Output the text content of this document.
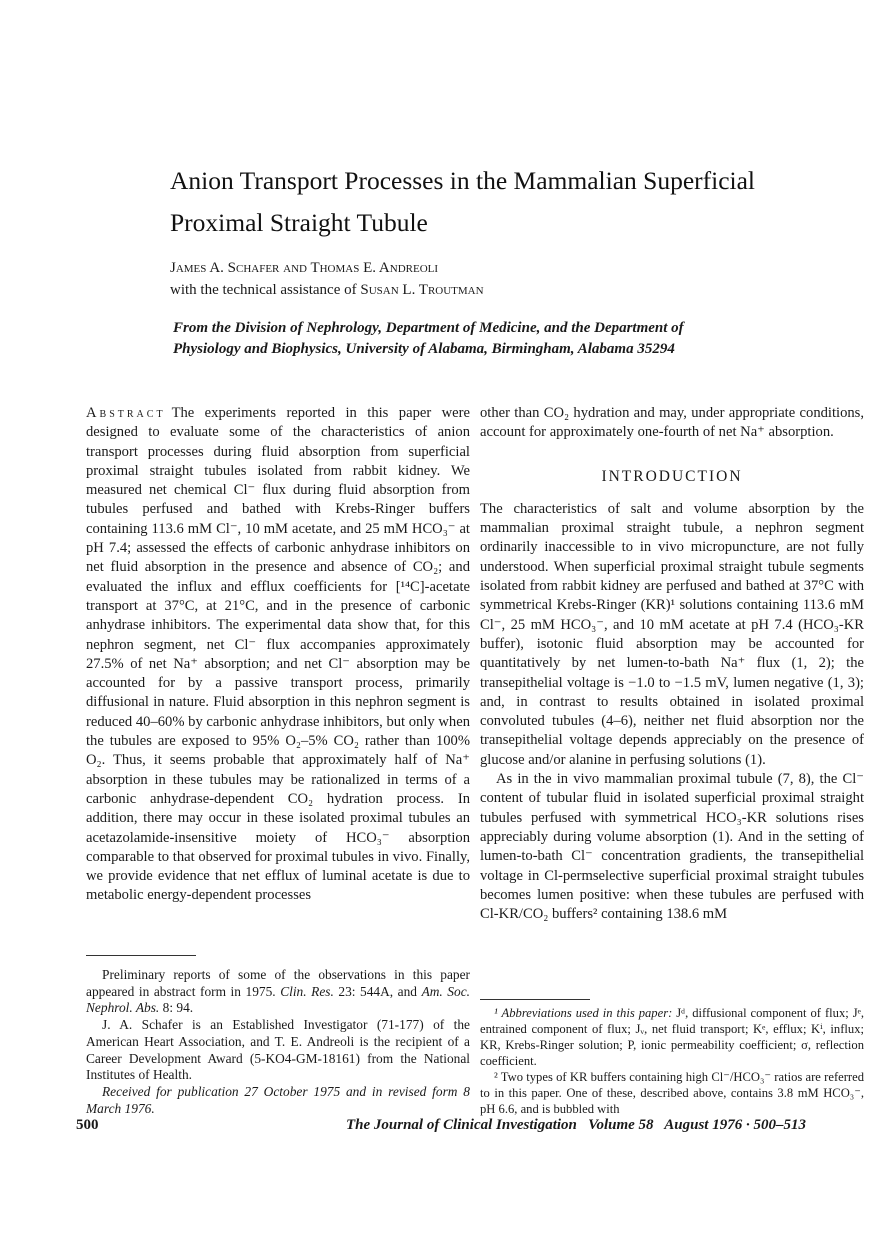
Anion Transport Processes in the Mammalian Superficial
Proximal Straight Tubule
James A. Schafer and Thomas E. Andreoli
with the technical assistance of Susan L. Troutman
From the Division of Nephrology, Department of Medicine, and the Department of
Physiology and Biophysics, University of Alabama, Birmingham, Alabama 35294

Abstract The experiments reported in this paper were designed to evaluate some of the characteristics of anion transport processes during fluid absorption from superficial proximal straight tubules isolated from rabbit kidney. We measured net chemical Cl⁻ flux during fluid absorption from tubules perfused and bathed with Krebs-Ringer buffers containing 113.6 mM Cl⁻, 10 mM acetate, and 25 mM HCO₃⁻ at pH 7.4; assessed the effects of carbonic anhydrase inhibitors on net fluid absorption in the presence and absence of CO₂; and evaluated the influx and efflux coefficients for [¹⁴C]-acetate transport at 37°C, at 21°C, and in the presence of carbonic anhydrase inhibitors. The experimental data show that, for this nephron segment, net Cl⁻ flux accompanies approximately 27.5% of net Na⁺ absorption; and net Cl⁻ absorption may be accounted for by a passive transport process, primarily diffusional in nature. Fluid absorption in this nephron segment is reduced 40–60% by carbonic anhydrase inhibitors, but only when the tubules are exposed to 95% O₂–5% CO₂ rather than 100% O₂. Thus, it seems probable that approximately half of Na⁺ absorption in these tubules may be rationalized in terms of a carbonic anhydrase-dependent CO₂ hydration process. In addition, there may occur in these isolated proximal tubules an acetazolamide-insensitive moiety of HCO₃⁻ absorption comparable to that observed for proximal tubules in vivo. Finally, we provide evidence that net efflux of luminal acetate is due to metabolic energy-dependent processes

other than CO₂ hydration and may, under appropriate conditions, account for approximately one-fourth of net Na⁺ absorption.

INTRODUCTION

The characteristics of salt and volume absorption by the mammalian proximal straight tubule, a nephron segment ordinarily inaccessible to in vivo micropuncture, are not fully understood. When superficial proximal straight tubule segments isolated from rabbit kidney are perfused and bathed at 37°C with symmetrical Krebs-Ringer (KR)¹ solutions containing 113.6 mM Cl⁻, 25 mM HCO₃⁻, and 10 mM acetate at pH 7.4 (HCO₃-KR buffer), isotonic fluid absorption may be accounted for quantitatively by net lumen-to-bath Na⁺ flux (1, 2); the transepithelial voltage is −1.0 to −1.5 mV, lumen negative (1, 3); and, in contrast to results obtained in isolated proximal convoluted tubules (4–6), neither net fluid absorption nor the transepithelial voltage depends appreciably on the presence of glucose and/or alanine in perfusing solutions (1).

As in the in vivo mammalian proximal tubule (7, 8), the Cl⁻ content of tubular fluid in isolated superficial proximal straight tubules perfused with symmetrical HCO₃-KR solutions rises appreciably during volume absorption (1). And in the setting of lumen-to-bath Cl⁻ concentration gradients, the transepithelial voltage in Cl-permselective superficial proximal straight tubules becomes lumen positive: when these tubules are perfused with Cl-KR/CO₂ buffers² containing 138.6 mM

Preliminary reports of some of the observations in this paper appeared in abstract form in 1975. Clin. Res. 23: 544A, and Am. Soc. Nephrol. Abs. 8: 94.

J. A. Schafer is an Established Investigator (71-177) of the American Heart Association, and T. E. Andreoli is the recipient of a Career Development Award (5-KO4-GM-18161) from the National Institutes of Health.

Received for publication 27 October 1975 and in revised form 8 March 1976.

¹ Abbreviations used in this paper: Jᵈ, diffusional component of flux; Jᵉ, entrained component of flux; Jᵥ, net fluid transport; Kᵉ, efflux; Kⁱ, influx; KR, Krebs-Ringer solution; P, ionic permeability coefficient; σ, reflection coefficient.

² Two types of KR buffers containing high Cl⁻/HCO₃⁻ ratios are referred to in this paper. One of these, described above, contains 3.8 mM HCO₃⁻, pH 6.6, and is bubbled with

500	The Journal of Clinical Investigation Volume 58 August 1976 · 500–513
